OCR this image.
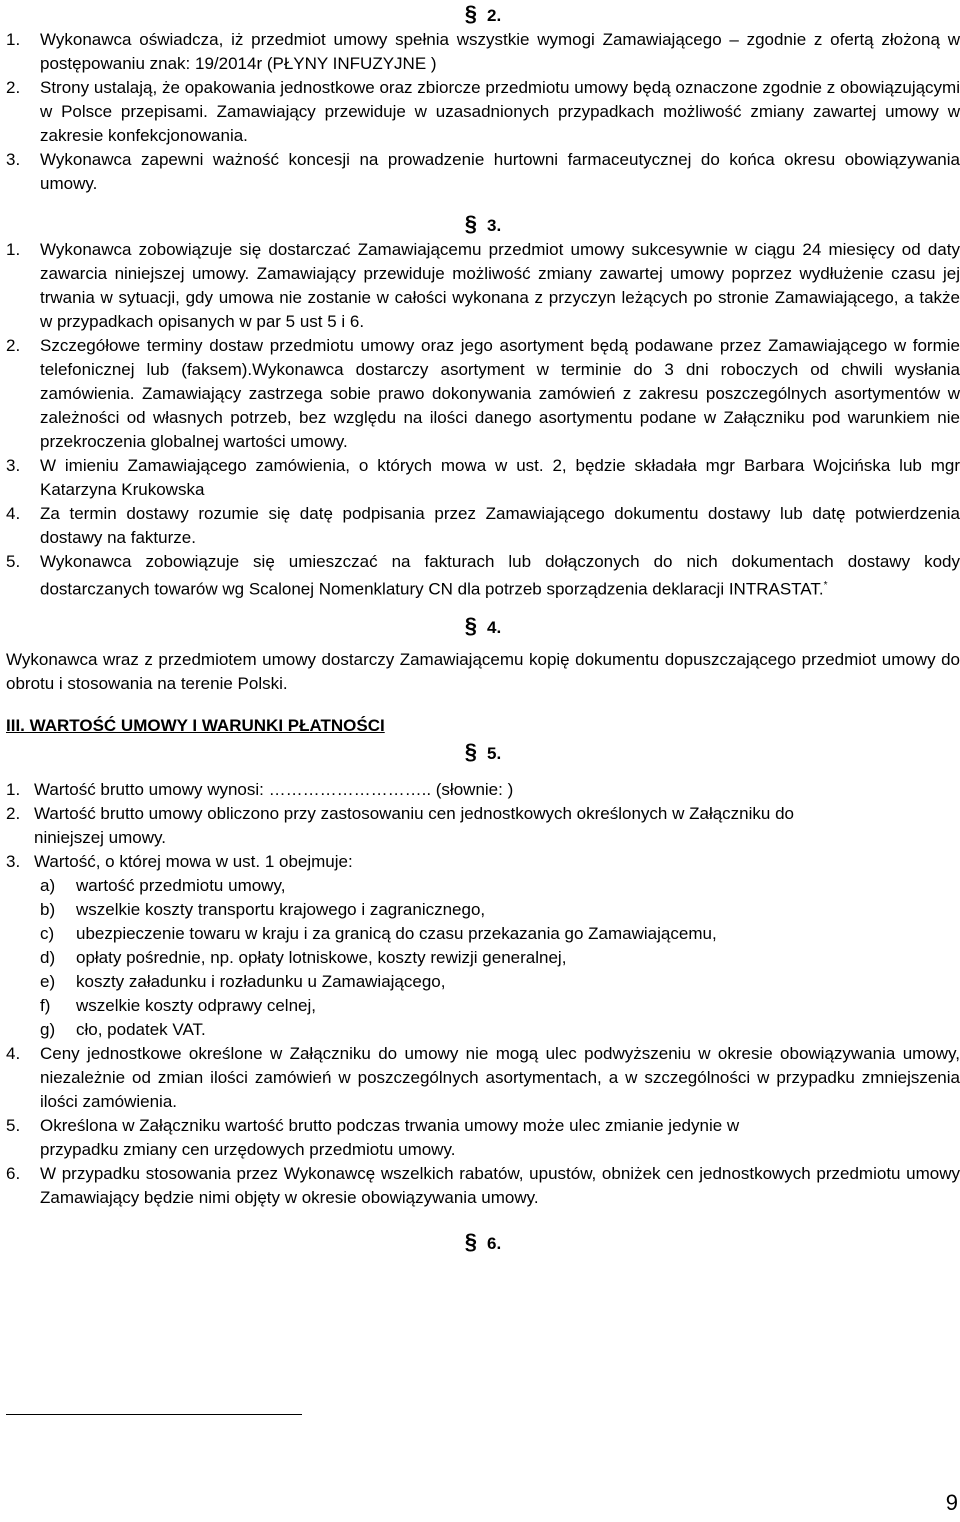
§ 2.
1.	Wykonawca oświadcza, iż przedmiot umowy spełnia wszystkie wymogi Zamawiającego – zgodnie z ofertą złożoną w postępowaniu znak: 19/2014r (PŁYNY INFUZYJNE )
2.	Strony ustalają, że opakowania jednostkowe oraz zbiorcze przedmiotu umowy będą oznaczone zgodnie z obowiązującymi w Polsce przepisami. Zamawiający przewiduje w uzasadnionych przypadkach możliwość zmiany zawartej umowy w zakresie konfekcjonowania.
3.	Wykonawca zapewni ważność koncesji na prowadzenie hurtowni farmaceutycznej do końca okresu obowiązywania umowy.
§ 3.
1.	Wykonawca zobowiązuje się dostarczać Zamawiającemu przedmiot umowy sukcesywnie w ciągu 24 miesięcy od daty zawarcia niniejszej umowy. Zamawiający przewiduje możliwość zmiany zawartej umowy poprzez wydłużenie czasu jej trwania w sytuacji, gdy umowa nie zostanie w całości wykonana z przyczyn leżących po stronie Zamawiającego, a także w przypadkach opisanych w par 5 ust 5 i 6.
2.	Szczegółowe terminy dostaw przedmiotu umowy oraz jego asortyment będą podawane przez Zamawiającego w formie telefonicznej lub (faksem).Wykonawca dostarczy asortyment w terminie do 3 dni roboczych od chwili wysłania zamówienia. Zamawiający zastrzega sobie prawo dokonywania zamówień z zakresu poszczególnych asortymentów w zależności od własnych potrzeb, bez względu na ilości danego asortymentu podane w Załączniku pod warunkiem nie przekroczenia globalnej wartości umowy.
3.	W imieniu Zamawiającego zamówienia, o których mowa w ust. 2, będzie składała mgr Barbara Wojcińska lub mgr Katarzyna Krukowska
4.	Za termin dostawy rozumie się datę podpisania przez Zamawiającego dokumentu dostawy lub datę potwierdzenia dostawy na fakturze.
5.	Wykonawca zobowiązuje się umieszczać na fakturach lub dołączonych do nich dokumentach dostawy kody dostarczanych towarów wg Scalonej Nomenklatury CN dla potrzeb sporządzenia deklaracji INTRASTAT.*
§ 4.
Wykonawca wraz z przedmiotem umowy dostarczy Zamawiającemu kopię dokumentu dopuszczającego przedmiot umowy do obrotu i stosowania na terenie Polski.
III. WARTOŚĆ UMOWY I WARUNKI PŁATNOŚCI
§ 5.
1. Wartość brutto umowy wynosi: ……………………….. (słownie: )
2. Wartość brutto umowy obliczono przy zastosowaniu cen jednostkowych określonych w Załączniku do niniejszej umowy.
3. Wartość, o której mowa w ust. 1 obejmuje:
a) wartość przedmiotu umowy,
b) wszelkie koszty transportu krajowego i zagranicznego,
c) ubezpieczenie towaru w kraju i za granicą do czasu przekazania go Zamawiającemu,
d) opłaty pośrednie, np. opłaty lotniskowe, koszty rewizji generalnej,
e) koszty załadunku i rozładunku u Zamawiającego,
f) wszelkie koszty odprawy celnej,
g) cło, podatek VAT.
4.	Ceny jednostkowe określone w Załączniku do umowy nie mogą ulec podwyższeniu w okresie obowiązywania umowy, niezależnie od zmian ilości zamówień w poszczególnych asortymentach, a w szczególności w przypadku zmniejszenia ilości zamówienia.
5.	Określona w Załączniku wartość brutto podczas trwania umowy może ulec zmianie jedynie w przypadku zmiany cen urzędowych przedmiotu umowy.
6.	W przypadku stosowania przez Wykonawcę wszelkich rabatów, upustów, obniżek cen jednostkowych przedmiotu umowy Zamawiający będzie nimi objęty w okresie obowiązywania umowy.
§ 6.
9
